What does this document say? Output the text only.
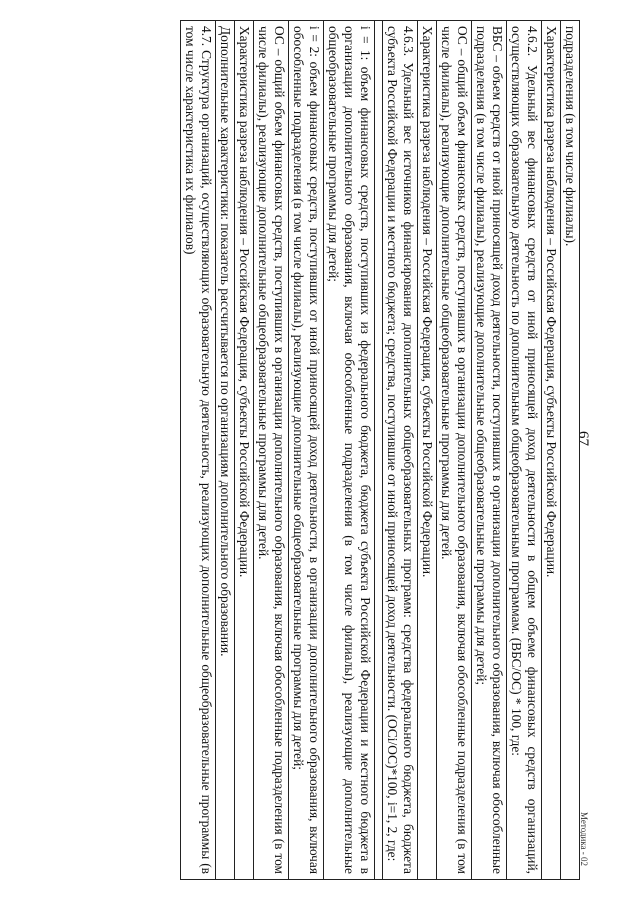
67
подразделения (в том числе филиалы).
Характеристика разреза наблюдения – Российская Федерация, субъекты Российской Федерации.
4.6.2. Удельный вес финансовых средств от иной приносящей доход деятельности в общем объеме финансовых средств организаций, осуществляющих образовательную деятельность по дополнительным общеобразовательным программам. (ВБС/ОС) * 100, где:
ВБС – объем средств от иной приносящей доход деятельности, поступивших в организации дополнительного образования, включая обособленные подразделения (в том числе филиалы), реализующие дополнительные общеобразовательные программы для детей;
ОС – общий объем финансовых средств, поступивших в организации дополнительного образования, включая обособленные подразделения (в том числе филиалы), реализующие дополнительные общеобразовательные программы для детей.
Характеристика разреза наблюдения – Российская Федерация, субъекты Российской Федерации.
4.6.3. Удельный вес источников финансирования дополнительных общеобразовательных программ: средства федерального бюджета, бюджета субъекта Российской Федерации и местного бюджета; средства, поступившие от иной приносящей доход деятельности. (ОСi/ОС)*100, i=1, 2, где:

i = 1: объем финансовых средств, поступивших из федерального бюджета, бюджета субъекта Российской Федерации и местного бюджета в организации дополнительного образования, включая обособленные подразделения (в том числе филиалы), реализующие дополнительные общеобразовательные программы для детей;
i = 2: объем финансовых средств, поступивших от иной приносящей доход деятельности, в организации дополнительного образования, включая обособленные подразделения (в том числе филиалы), реализующие дополнительные общеобразовательные программы для детей;
ОС – общий объем финансовых средств, поступивших в организации дополнительного образования, включая обособленные подразделения (в том числе филиалы), реализующие дополнительные общеобразовательные программы для детей.
Характеристика разреза наблюдения – Российская Федерация, субъекты Российской Федерации.
Дополнительные характеристики: показатель рассчитывается по организациям дополнительного образования.
4.7. Структура организаций, осуществляющих образовательную деятельность, реализующих дополнительные общеобразовательные программы (в том числе характеристика их филиалов)
Методика - 02
